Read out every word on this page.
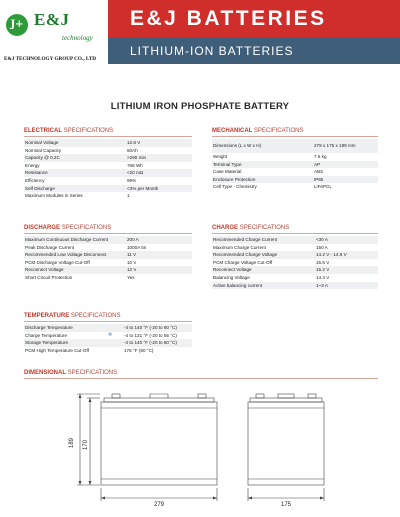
J+ E&J
technology
E&J TECHNOLOGY GROUP CO., LTD
E&J BATTERIES
LITHIUM-ION BATTERIES
LITHIUM IRON PHOSPHATE BATTERY
ELECTRICAL SPECIFICATIONS
Nominal Voltage	12.8 V
Nominal Capacity	60Ah
Capacity @ 0.2C	>290 min
Energy	768 Wh
Resistance	<20 mΩ
Efficiency	99%
Self Discharge	<3% per Month
Maximum Modules in Series	1
MECHANICAL SPECIFICATIONS
Dimensions (L x W x H)	279 x 175 x 189 mm
Weight	7.5 kg
Terminal Type	AP
Case Material	ABS
Enclosure Protection	IP65
Cell Type - Chemistry	LiFePO₄
DISCHARGE SPECIFICATIONS
Maximum Continuous Discharge Current	200 A
Peak Discharge Current	1000A 5s
Recommended Low Voltage Disconnect	11 V
PCM Discharge Voltage Cut-Off	10 V
Reconnect Voltage	12 V
Short Circuit Protection	Yes
CHARGE SPECIFICATIONS
Recommended Charge Current	<30 A
Maximum Charge Current	150 A
Recommended Charge Voltage	14.2 V - 14.6 V
PCM Charge Voltage Cut-Off	15.6 V
Reconnect Voltage	15.2 V
Balancing Voltage	14.4 V
Active balancing current	1~3 A
TEMPERATURE SPECIFICATIONS
Discharge Temperature	-4 to 140 °F (-20 to 60 °C)
Charge Temperature	❄	-4 to 131 °F (-20 to 55 °C)
Storage Temperature	-4 to 140 °F (-20 to 60 °C)
PCM High Temperature Cut-Off	176 °F (80 °C)
DIMENSIONAL SPECIFICATIONS
189 170
279	175
